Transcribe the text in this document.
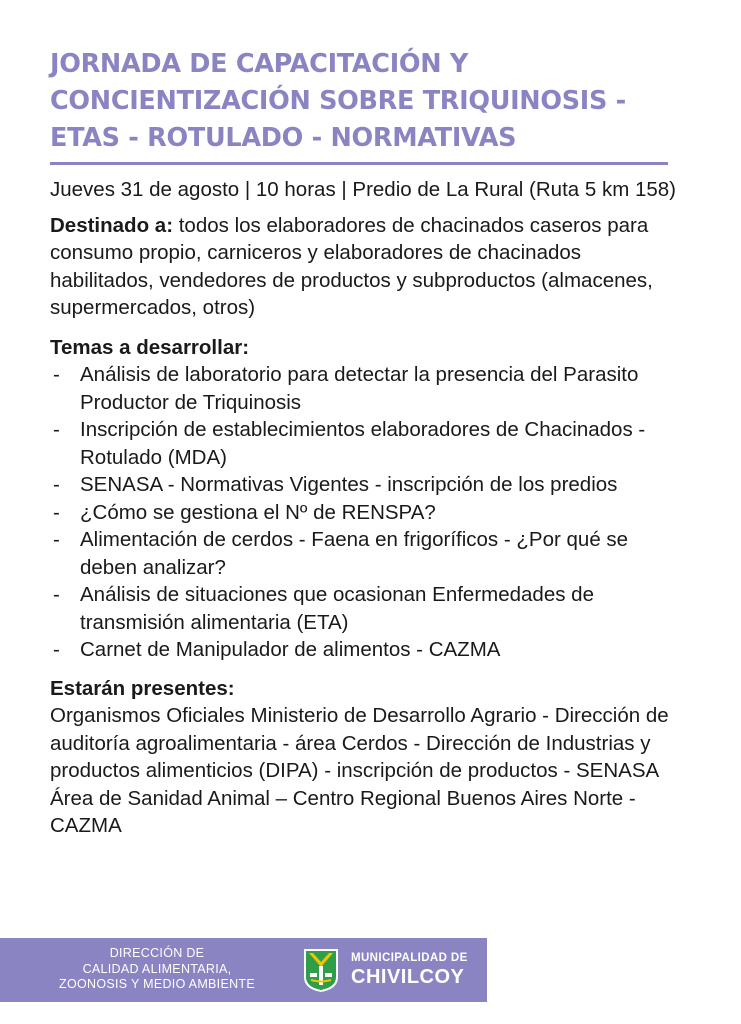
JORNADA DE CAPACITACIÓN Y CONCIENTIZACIÓN SOBRE TRIQUINOSIS - ETAS - ROTULADO - NORMATIVAS

Jueves 31 de agosto | 10 horas | Predio de La Rural (Ruta 5 km 158)

Destinado a: todos los elaboradores de chacinados caseros para consumo propio, carniceros y elaboradores de chacinados habilitados, vendedores de productos y subproductos (almacenes, supermercados, otros)

Temas a desarrollar:

- Análisis de laboratorio para detectar la presencia del Parasito Productor de Triquinosis
- Inscripción de establecimientos elaboradores de Chacinados - Rotulado (MDA)
- SENASA - Normativas Vigentes - inscripción de los predios
- ¿Cómo se gestiona el Nº de RENSPA?
- Alimentación de cerdos - Faena en frigoríficos - ¿Por qué se deben analizar?
- Análisis de situaciones que ocasionan Enfermedades de transmisión alimentaria (ETA)
- Carnet de Manipulador de alimentos - CAZMA

Estarán presentes:

Organismos Oficiales Ministerio de Desarrollo Agrario - Dirección de auditoría agroalimentaria - área Cerdos - Dirección de Industrias y productos alimenticios (DIPA) - inscripción de productos - SENASA Área de Sanidad Animal – Centro Regional Buenos Aires Norte - CAZMA

DIRECCIÓN DE
CALIDAD ALIMENTARIA,
ZOONOSIS Y MEDIO AMBIENTE
MUNICIPALIDAD DE
CHIVILCOY
